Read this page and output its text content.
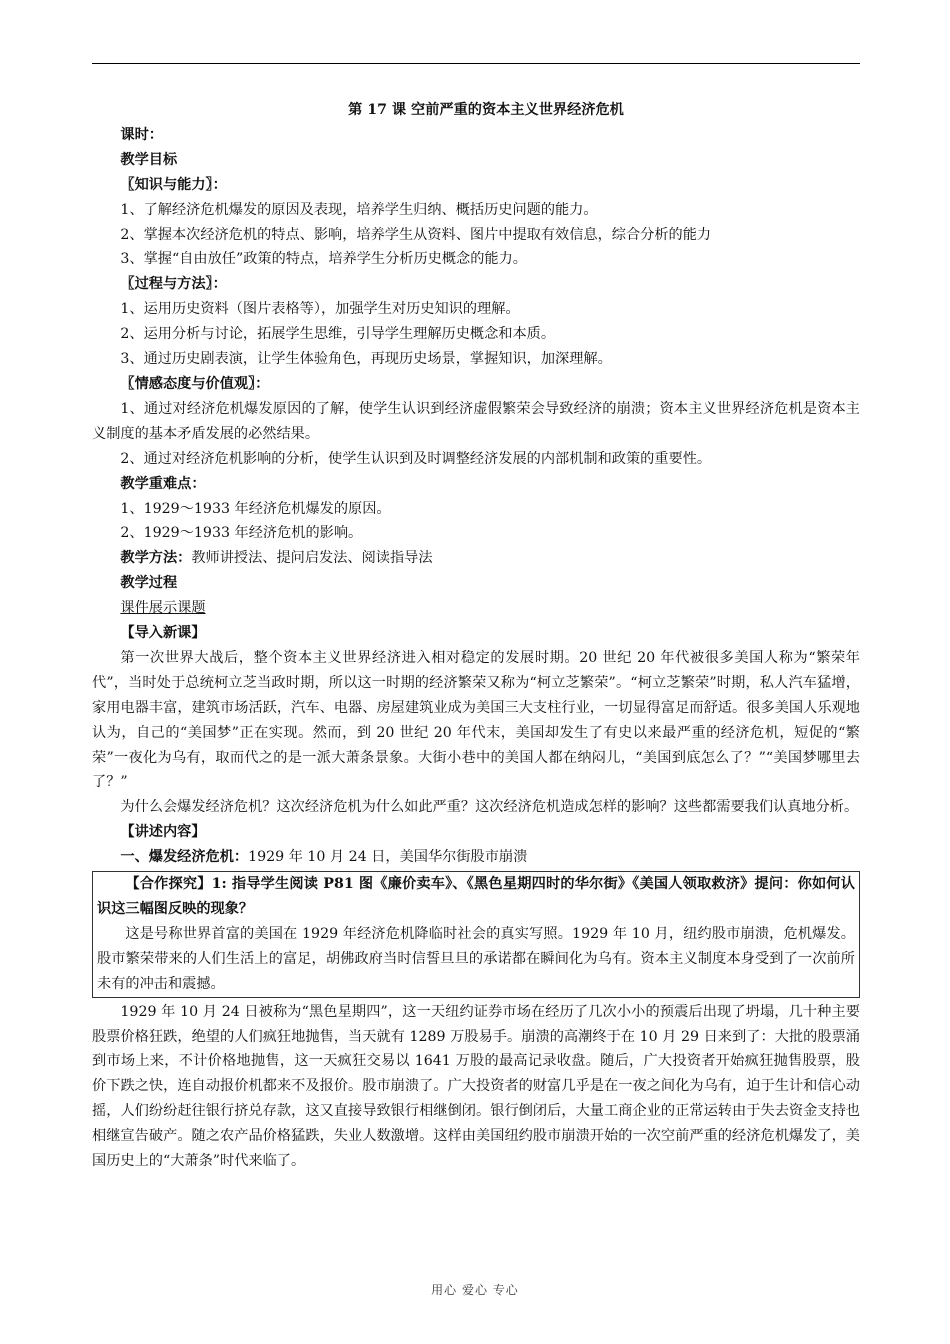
第 17 课 空前严重的资本主义世界经济危机

课时：

教学目标

〖知识与能力〗：

1、了解经济危机爆发的原因及表现，培养学生归纳、概括历史问题的能力。

2、掌握本次经济危机的特点、影响，培养学生从资料、图片中提取有效信息，综合分析的能力

3、掌握“自由放任”政策的特点，培养学生分析历史概念的能力。

〖过程与方法〗：

1、运用历史资料（图片表格等），加强学生对历史知识的理解。

2、运用分析与讨论，拓展学生思维，引导学生理解历史概念和本质。

3、通过历史剧表演，让学生体验角色，再现历史场景，掌握知识，加深理解。

〖情感态度与价值观〗：

1、通过对经济危机爆发原因的了解，使学生认识到经济虚假繁荣会导致经济的崩溃；资本主义世界经济危机是资本主义制度的基本矛盾发展的必然结果。

2、通过对经济危机影响的分析，使学生认识到及时调整经济发展的内部机制和政策的重要性。

教学重难点：

1、1929～1933 年经济危机爆发的原因。

2、1929～1933 年经济危机的影响。

教学方法：教师讲授法、提问启发法、阅读指导法

教学过程

课件展示课题

【导入新课】

第一次世界大战后，整个资本主义世界经济进入相对稳定的发展时期。20 世纪 20 年代被很多美国人称为“繁荣年代”，当时处于总统柯立芝当政时期，所以这一时期的经济繁荣又称为“柯立芝繁荣”。“柯立芝繁荣”时期，私人汽车猛增，家用电器丰富，建筑市场活跃，汽车、电器、房屋建筑业成为美国三大支柱行业，一切显得富足而舒适。很多美国人乐观地认为，自己的“美国梦”正在实现。然而，到 20 世纪 20 年代末，美国却发生了有史以来最严重的经济危机，短促的“繁荣”一夜化为乌有，取而代之的是一派大萧条景象。大街小巷中的美国人都在纳闷儿，“美国到底怎么了？”“美国梦哪里去了？”

为什么会爆发经济危机？这次经济危机为什么如此严重？这次经济危机造成怎样的影响？这些都需要我们认真地分析。

【讲述内容】

一、爆发经济危机：1929 年 10 月 24 日，美国华尔街股市崩溃

【合作探究】1: 指导学生阅读 P81 图《廉价卖车》、《黑色星期四时的华尔街》《美国人领取救济》提问：你如何认识这三幅图反映的现象？

这是号称世界首富的美国在 1929 年经济危机降临时社会的真实写照。1929 年 10 月，纽约股市崩溃，危机爆发。股市繁荣带来的人们生活上的富足，胡佛政府当时信誓旦旦的承诺都在瞬间化为乌有。资本主义制度本身受到了一次前所未有的冲击和震撼。

1929 年 10 月 24 日被称为“黑色星期四”，这一天纽约证券市场在经历了几次小小的预震后出现了坍塌，几十种主要股票价格狂跌，绝望的人们疯狂地抛售，当天就有 1289 万股易手。崩溃的高潮终于在 10 月 29 日来到了：大批的股票涌到市场上来，不计价格地抛售，这一天疯狂交易以 1641 万股的最高记录收盘。随后，广大投资者开始疯狂抛售股票，股价下跌之快，连自动报价机都来不及报价。股市崩溃了。广大投资者的财富几乎是在一夜之间化为乌有，迫于生计和信心动摇，人们纷纷赶往银行挤兑存款，这又直接导致银行相继倒闭。银行倒闭后，大量工商企业的正常运转由于失去资金支持也相继宣告破产。随之农产品价格猛跌，失业人数激增。这样由美国纽约股市崩溃开始的一次空前严重的经济危机爆发了，美国历史上的“大萧条”时代来临了。

用心 爱心 专心
